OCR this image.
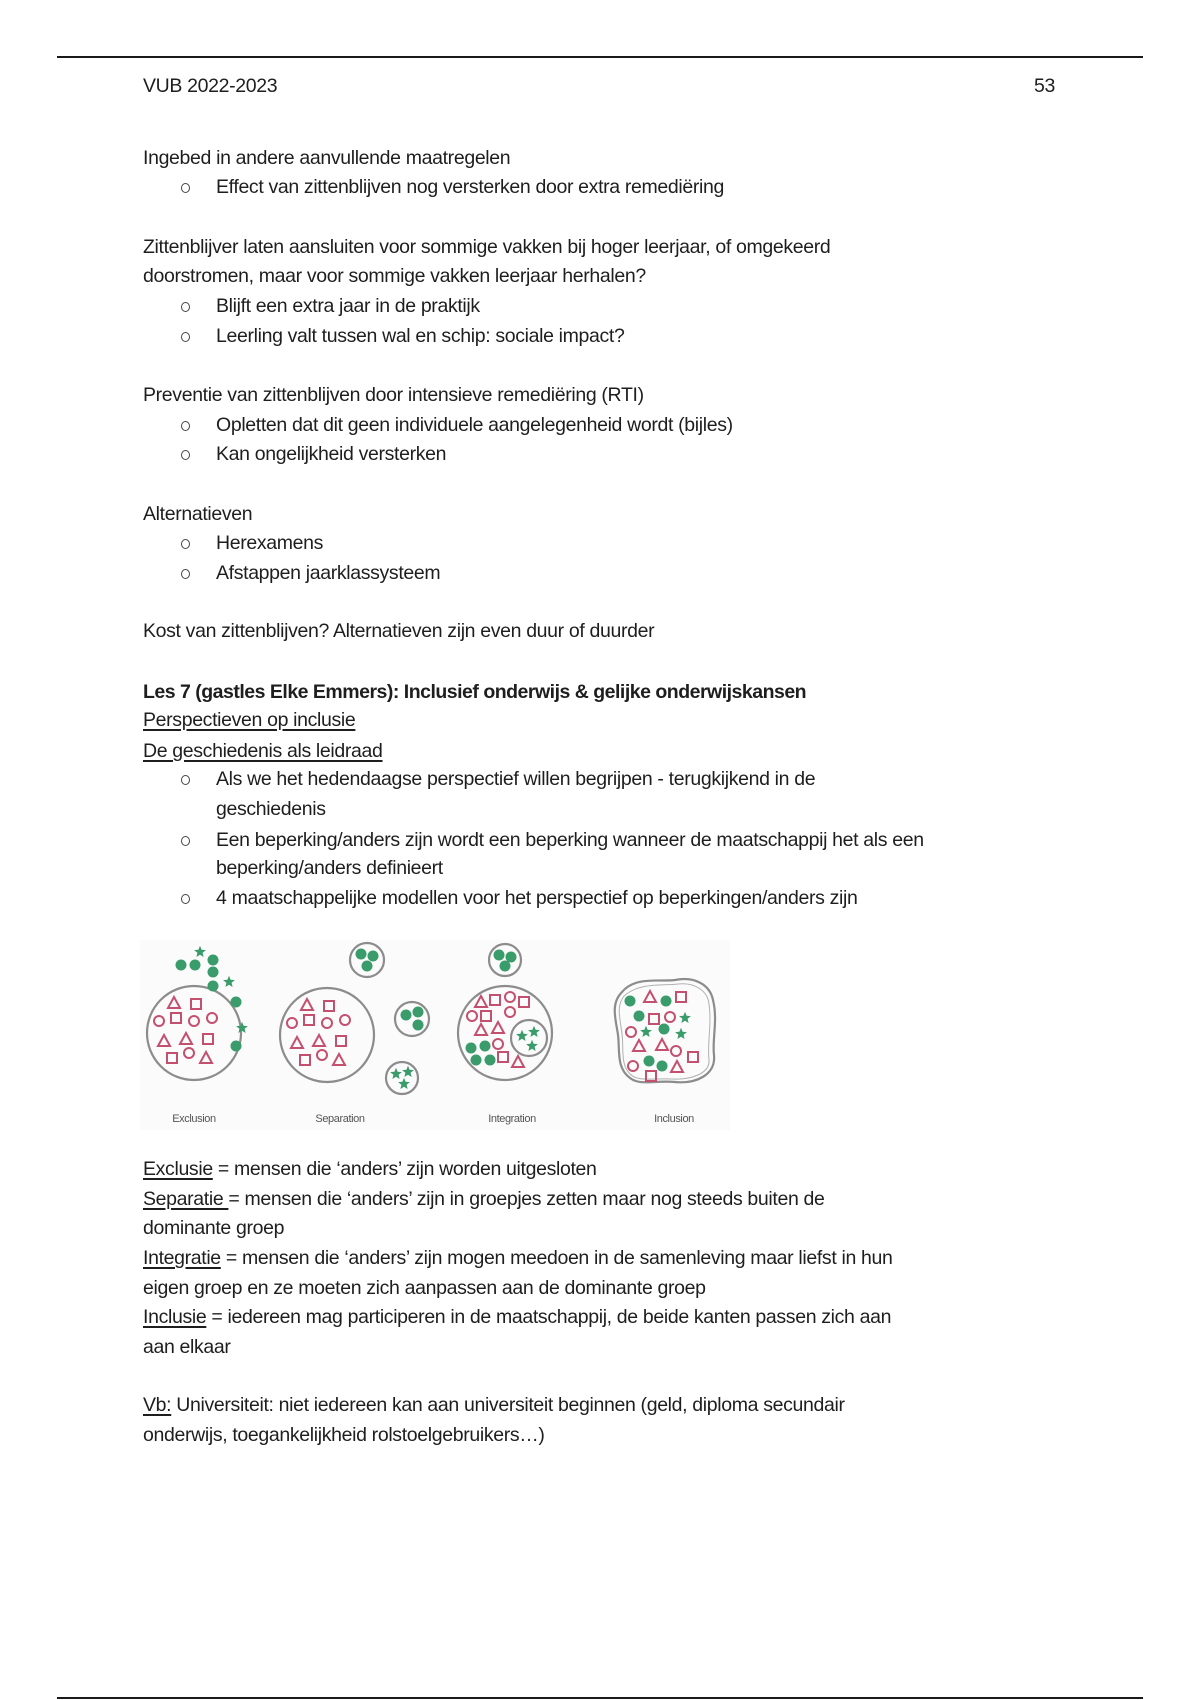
VUB 2022-2023	53
Ingebed in andere aanvullende maatregelen
Effect van zittenblijven nog versterken door extra remediëring
Zittenblijver laten aansluiten voor sommige vakken bij hoger leerjaar, of omgekeerd
doorstromen, maar voor sommige vakken leerjaar herhalen?
Blijft een extra jaar in de praktijk
Leerling valt tussen wal en schip: sociale impact?
Preventie van zittenblijven door intensieve remediëring (RTI)
Opletten dat dit geen individuele aangelegenheid wordt (bijles)
Kan ongelijkheid versterken
Alternatieven
Herexamens
Afstappen jaarklassysteem
Kost van zittenblijven? Alternatieven zijn even duur of duurder
Les 7 (gastles Elke Emmers): Inclusief onderwijs & gelijke onderwijskansen
Perspectieven op inclusie
De geschiedenis als leidraad
Als we het hedendaagse perspectief willen begrijpen - terugkijkend in de
geschiedenis
Een beperking/anders zijn wordt een beperking wanneer de maatschappij het als een
beperking/anders definieert
4 maatschappelijke modellen voor het perspectief op beperkingen/anders zijn
Exclusion	Separation	Integration	Inclusion
Exclusie = mensen die ‘anders’ zijn worden uitgesloten
Separatie = mensen die ‘anders’ zijn in groepjes zetten maar nog steeds buiten de
dominante groep
Integratie = mensen die ‘anders’ zijn mogen meedoen in de samenleving maar liefst in hun
eigen groep en ze moeten zich aanpassen aan de dominante groep
Inclusie = iedereen mag participeren in de maatschappij, de beide kanten passen zich aan
aan elkaar
Vb: Universiteit: niet iedereen kan aan universiteit beginnen (geld, diploma secundair
onderwijs, toegankelijkheid rolstoelgebruikers…)
